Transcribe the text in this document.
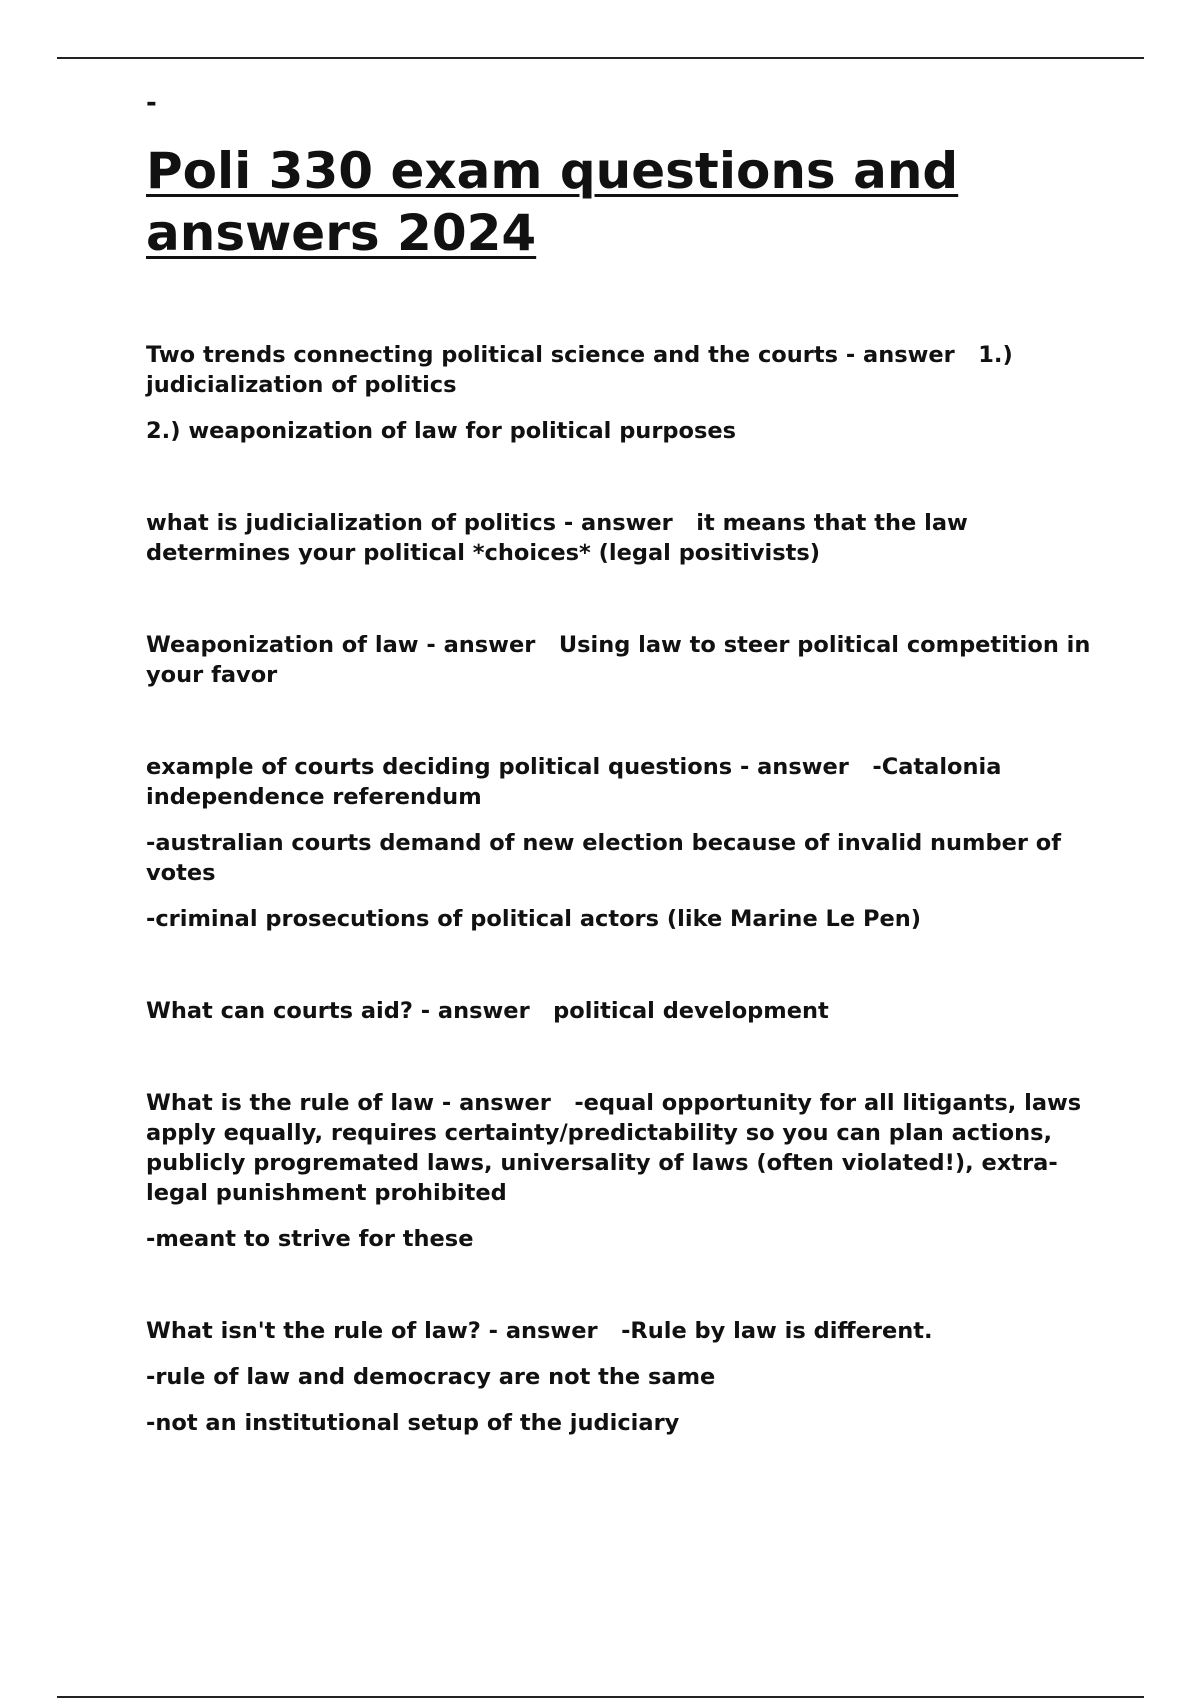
-
Poli 330 exam questions and answers 2024

Two trends connecting political science and the courts - answer 1.) judicialization of politics

2.) weaponization of law for political purposes

what is judicialization of politics - answer it means that the law determines your political *choices* (legal positivists)

Weaponization of law - answer Using law to steer political competition in your favor

example of courts deciding political questions - answer -Catalonia independence referendum

-australian courts demand of new election because of invalid number of votes

-criminal prosecutions of political actors (like Marine Le Pen)

What can courts aid? - answer political development

What is the rule of law - answer -equal opportunity for all litigants, laws apply equally, requires certainty/predictability so you can plan actions, publicly progremated laws, universality of laws (often violated!), extra-legal punishment prohibited

-meant to strive for these

What isn't the rule of law? - answer -Rule by law is different.

-rule of law and democracy are not the same

-not an institutional setup of the judiciary
